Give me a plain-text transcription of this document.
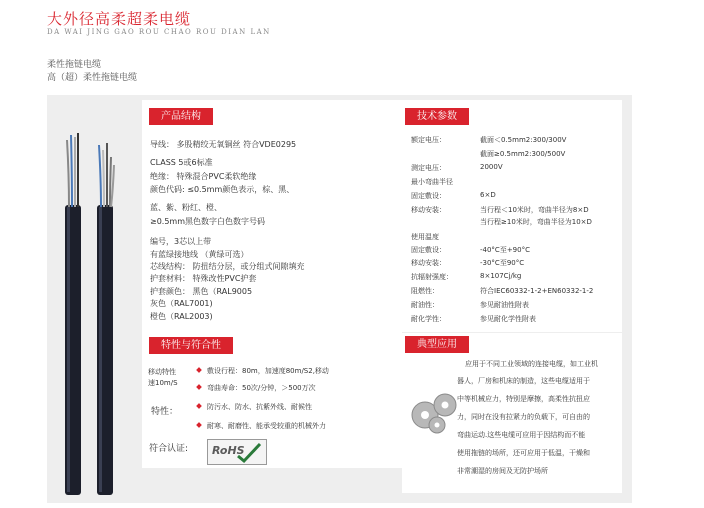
大外径高柔超柔电缆
DA WAI JING GAO ROU CHAO ROU DIAN LAN
柔性拖链电缆
高（超）柔性拖链电缆
产品结构
导线： 多股精绞无氧铜丝 符合VDE0295
CLASS 5或6标准
绝缘： 特殊混合PVC柔软绝缘
颜色代码: ≤0.5mm颜色表示，棕、黑、
蓝、紫、粉红、橙、
≥0.5mm黑色数字白色数字号码
编号，3芯以上带
有蓝绿接地线 （黄绿可选）
芯线结构： 防扭结分层，或分组式间隙填充
护套材料： 特殊改性PVC护套
护套颜色： 黑色（RAL9005
灰色（RAL7001)
橙色（RAL2003)
特性与符合性
移动特性
速10m/S
敷设行程：80m，加速度80m/S2,移动
弯曲寿命：50次/分钟，＞500万次
特性：	防污水、防水、抗紫外线、耐候性
耐寒、耐磨性、能承受较重的机械外力
符合认证: RoHS
技术参数
额定电压：	截面＜0.5mm2:300/300V
截面≥0.5mm2:300/500V
测定电压：	2000V
最小弯曲半径
固定敷设：	6×D
移动安装：	当行程＜10米时，弯曲半径为8×D
当行程≥10米时，弯曲半径为10×D
使用温度
固定敷设：	-40°C至+90°C
移动安装：	-30°C至90°C
抗辐射强度：	8×107Cj/kg
阻燃性：	符合IEC60332-1-2+EN60332-1-2
耐油性：	参见耐油性附表
耐化学性：	参见耐化学性附表
典型应用
应用于不同工业领域的连接电缆，如工业机
器人，厂房和机床的制造，这些电缆适用于
中等机械应力，特别是摩擦，高柔性抗扭应
力，同时在没有拉紧力的负载下，可自由的
弯曲运动.这些电缆可应用于因结构而不能
使用拖链的场所，还可应用于低温，干燥和
非常潮湿的房间及无防护场所
